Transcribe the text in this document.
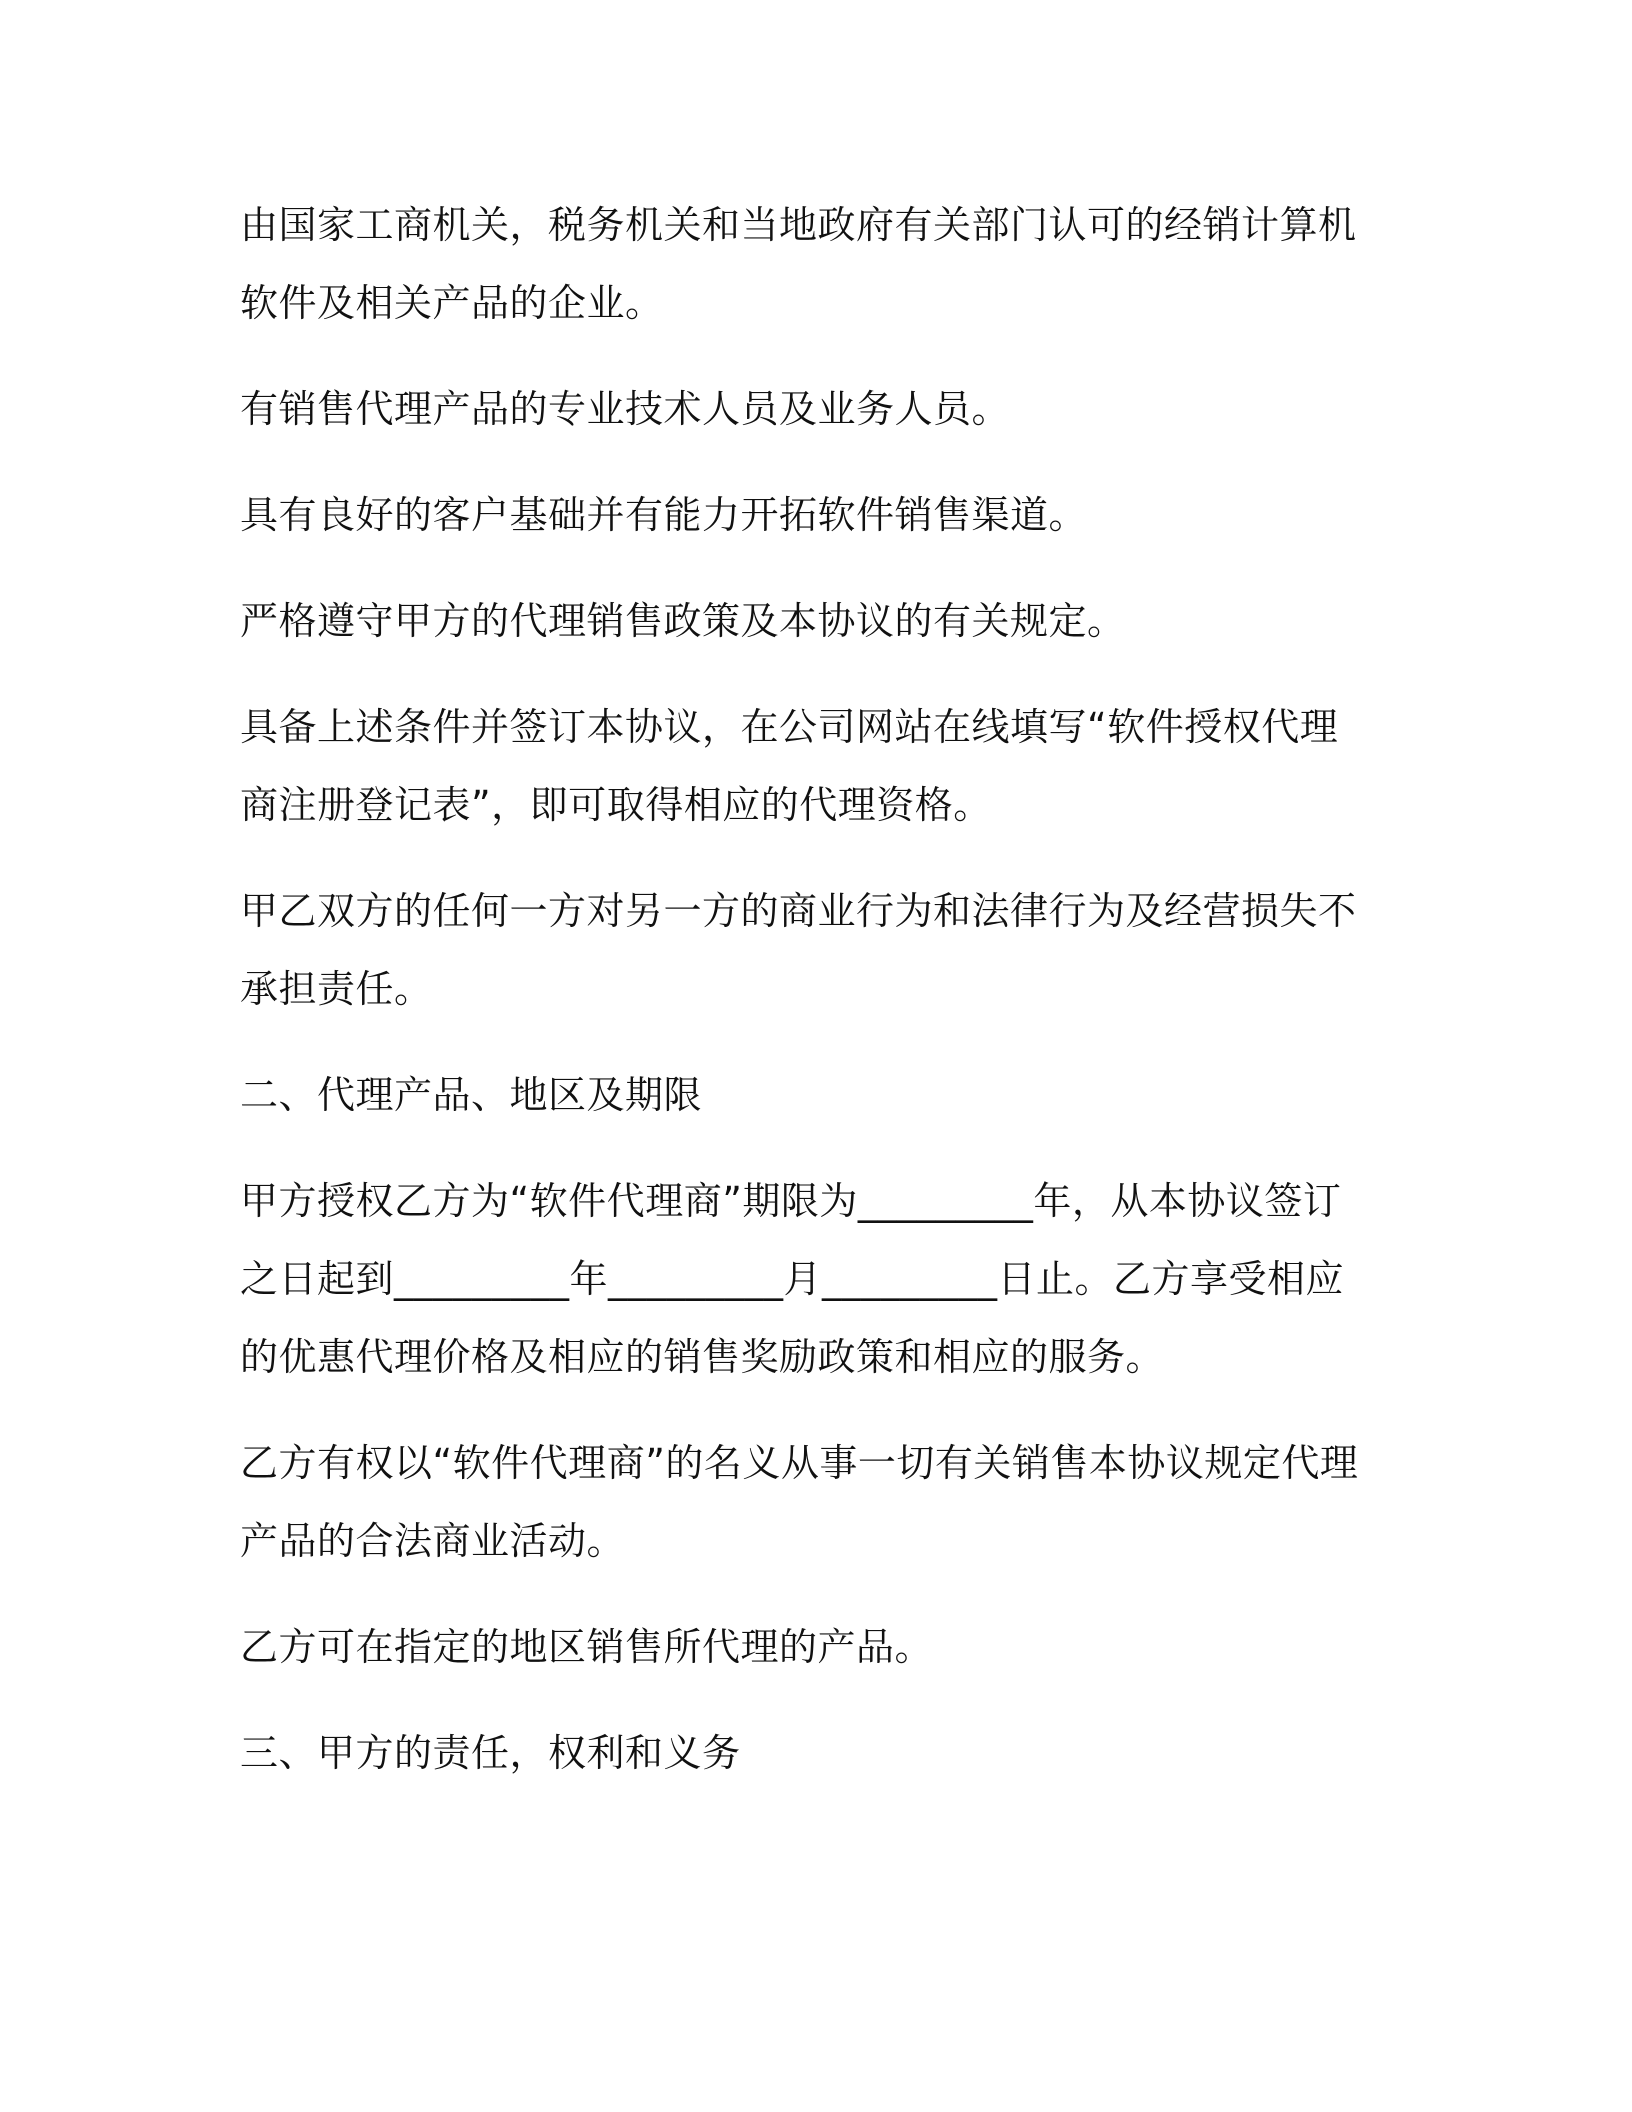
由国家工商机关，税务机关和当地政府有关部门认可的经销计算机软件及相关产品的企业。

有销售代理产品的专业技术人员及业务人员。

具有良好的客户基础并有能力开拓软件销售渠道。

严格遵守甲方的代理销售政策及本协议的有关规定。

具备上述条件并签订本协议，在公司网站在线填写“软件授权代理商注册登记表”，即可取得相应的代理资格。

甲乙双方的任何一方对另一方的商业行为和法律行为及经营损失不承担责任。

二、代理产品、地区及期限

甲方授权乙方为“软件代理商”期限为_________年，从本协议签订之日起到_________年_________月_________日止。乙方享受相应的优惠代理价格及相应的销售奖励政策和相应的服务。

乙方有权以“软件代理商”的名义从事一切有关销售本协议规定代理产品的合法商业活动。

乙方可在指定的地区销售所代理的产品。

三、甲方的责任，权利和义务
